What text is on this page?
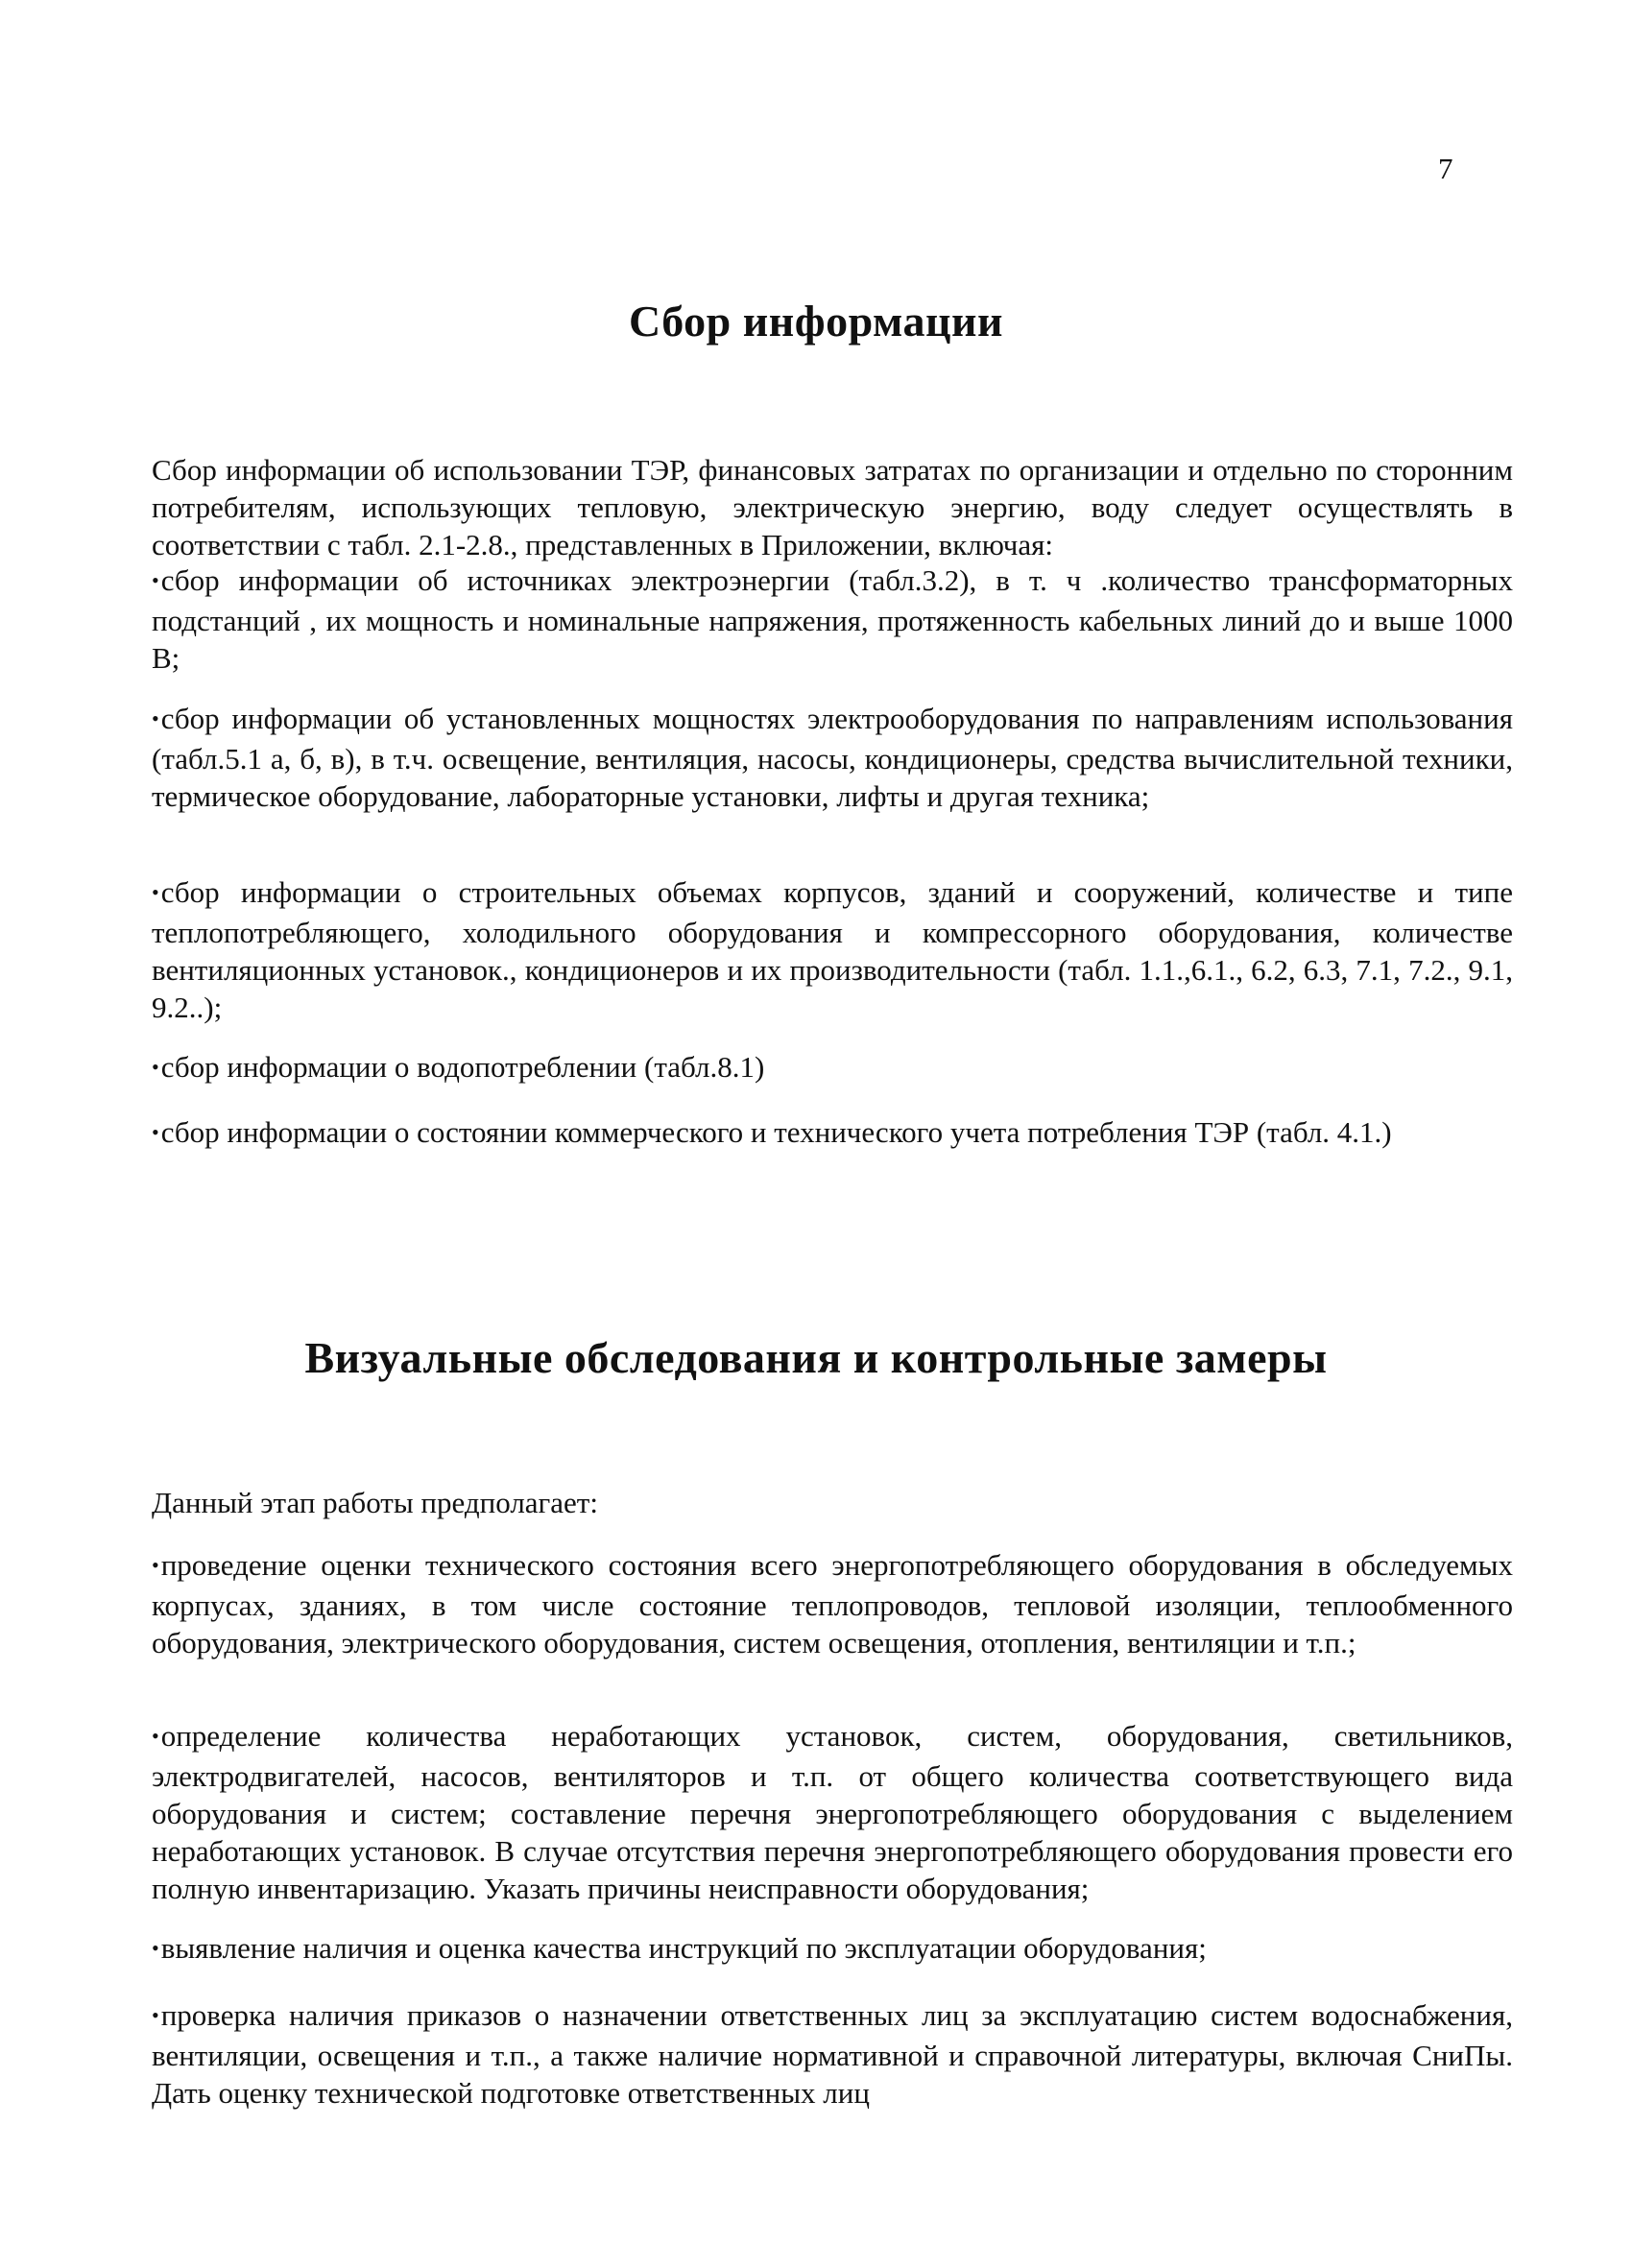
7
Сбор информации
Сбор информации об использовании ТЭР, финансовых затратах по организации и отдельно по сторонним потребителям, использующих тепловую, электрическую энергию, воду следует осуществлять в соответствии с табл. 2.1-2.8., представленных в Приложении, включая:
•сбор информации об источниках электроэнергии (табл.3.2), в т. ч .количество трансформаторных подстанций , их мощность и номинальные напряжения, протяженность кабельных линий до и выше 1000 В;
•сбор информации об установленных мощностях электрооборудования по направлениям использования (табл.5.1 а, б, в), в т.ч. освещение, вентиляция, насосы, кондиционеры, средства вычислительной техники, термическое оборудование, лабораторные установки, лифты и другая техника;
•сбор информации о строительных объемах корпусов, зданий и сооружений, количестве и типе теплопотребляющего, холодильного оборудования и компрессорного оборудования, количестве вентиляционных установок., кондиционеров и их производительности (табл. 1.1.,6.1., 6.2, 6.3, 7.1, 7.2., 9.1, 9.2..);
•сбор информации о водопотреблении (табл.8.1)
•сбор информации о состоянии коммерческого и технического учета потребления ТЭР (табл. 4.1.)
Визуальные обследования и контрольные замеры
Данный этап работы предполагает:
•проведение оценки технического состояния всего энергопотребляющего оборудования в обследуемых корпусах, зданиях, в том числе состояние теплопроводов, тепловой изоляции, теплообменного оборудования, электрического оборудования, систем освещения, отопления, вентиляции и т.п.;
•определение количества неработающих установок, систем, оборудования, светильников, электродвигателей, насосов, вентиляторов и т.п. от общего количества соответствующего вида оборудования и систем; составление перечня энергопотребляющего оборудования с выделением неработающих установок. В случае отсутствия перечня энергопотребляющего оборудования провести его полную инвентаризацию. Указать причины неисправности оборудования;
•выявление наличия и оценка качества инструкций по эксплуатации оборудования;
•проверка наличия приказов о назначении ответственных лиц за эксплуатацию систем водоснабжения, вентиляции, освещения и т.п., а также наличие нормативной и справочной литературы, включая СниПы. Дать оценку технической подготовке ответственных лиц
